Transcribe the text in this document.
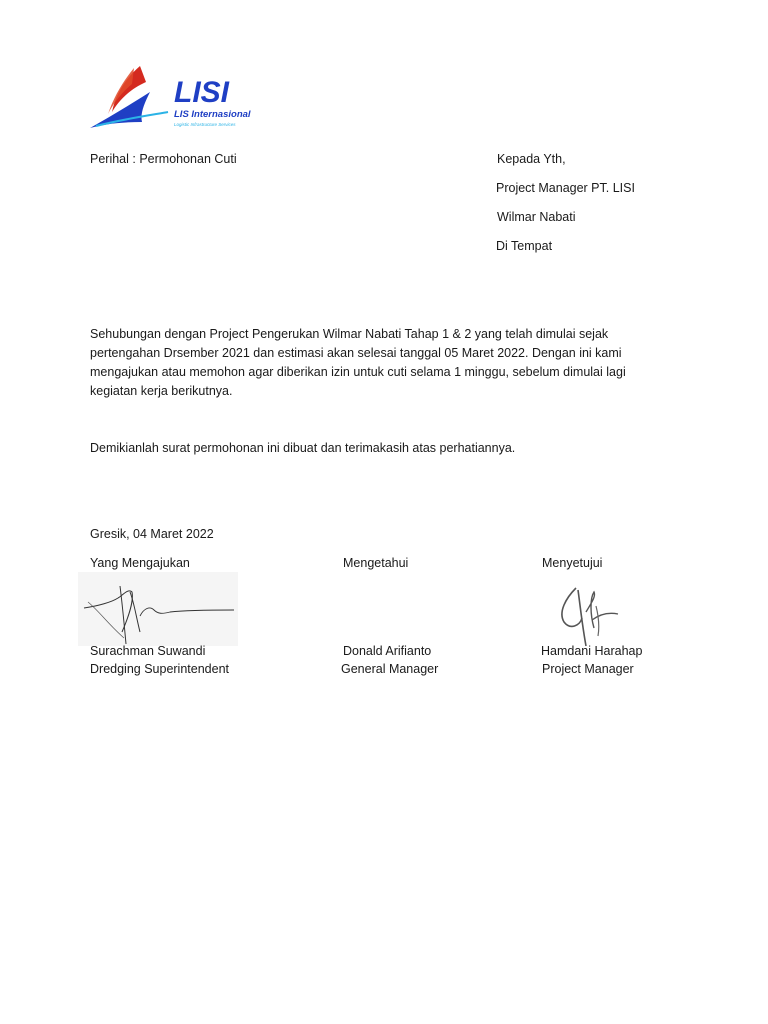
LISI
LIS Internasional
Logistic Infrastructure Services
Perihal : Permohonan Cuti	Kepada Yth,
Project Manager PT. LISI
Wilmar Nabati
Di Tempat
Sehubungan dengan Project Pengerukan Wilmar Nabati Tahap 1 & 2 yang telah dimulai sejak pertengahan Drsember 2021 dan estimasi akan selesai tanggal 05 Maret 2022. Dengan ini kami mengajukan atau memohon agar diberikan izin untuk cuti selama 1 minggu, sebelum dimulai lagi kegiatan kerja berikutnya.
Demikianlah surat permohonan ini dibuat dan terimakasih atas perhatiannya.
Gresik, 04 Maret 2022
Yang Mengajukan	Mengetahui	Menyetujui
Surachman Suwandi	Donald Arifianto	Hamdani Harahap
Dredging Superintendent	General Manager	Project Manager
